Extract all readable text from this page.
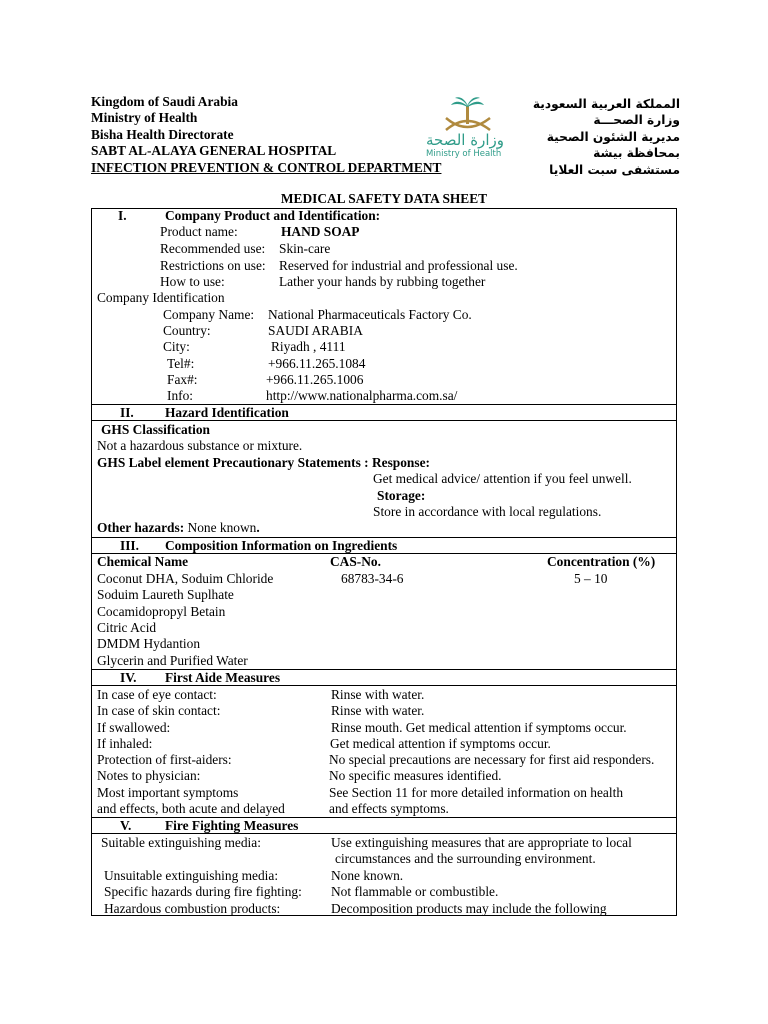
Kingdom of Saudi Arabia
Ministry of Health
Bisha Health Directorate
SABT AL-ALAYA GENERAL HOSPITAL
INFECTION PREVENTION & CONTROL DEPARTMENT
وزارة الصحة
Ministry of Health
المملكة العربية السعودية
وزارة الصحـــة
مديرية الشئون الصحية
بمحافظة بيشة
مستشفى سبت العلايا
MEDICAL SAFETY DATA SHEET
I.	Company Product and Identification:
Product name:	HAND SOAP
Recommended use: Skin-care
Restrictions on use: Reserved for industrial and professional use.
How to use:	Lather your hands by rubbing together
Company Identification
Company Name: National Pharmaceuticals Factory Co.
Country:	SAUDI ARABIA
City:	Riyadh , 4111
Tel#:	+966.11.265.1084
Fax#:	+966.11.265.1006
Info:	http://www.nationalpharma.com.sa/
II. Hazard Identification
GHS Classification
Not a hazardous substance or mixture.
GHS Label element Precautionary Statements : Response:
Get medical advice/ attention if you feel unwell.
Storage:
Store in accordance with local regulations.
Other hazards: None known.
III. Composition Information on Ingredients
Chemical Name	CAS-No.	Concentration (%)
Coconut DHA, Soduim Chloride	68783-34-6	5 – 10
Soduim Laureth Suplhate
Cocamidopropyl Betain
Citric Acid
DMDM Hydantion
Glycerin and Purified Water
IV. First Aide Measures
In case of eye contact:	Rinse with water.
In case of skin contact:	Rinse with water.
If swallowed:	Rinse mouth. Get medical attention if symptoms occur.
If inhaled:	Get medical attention if symptoms occur.
Protection of first-aiders:	No special precautions are necessary for first aid responders.
Notes to physician:	No specific measures identified.
Most important symptoms	See Section 11 for more detailed information on health
and effects, both acute and delayed	and effects symptoms.
V.	Fire Fighting Measures
Suitable extinguishing media:	Use extinguishing measures that are appropriate to local
circumstances and the surrounding environment.
Unsuitable extinguishing media:	None known.
Specific hazards during fire fighting: Not flammable or combustible.
Hazardous combustion products:	Decomposition products may include the following
